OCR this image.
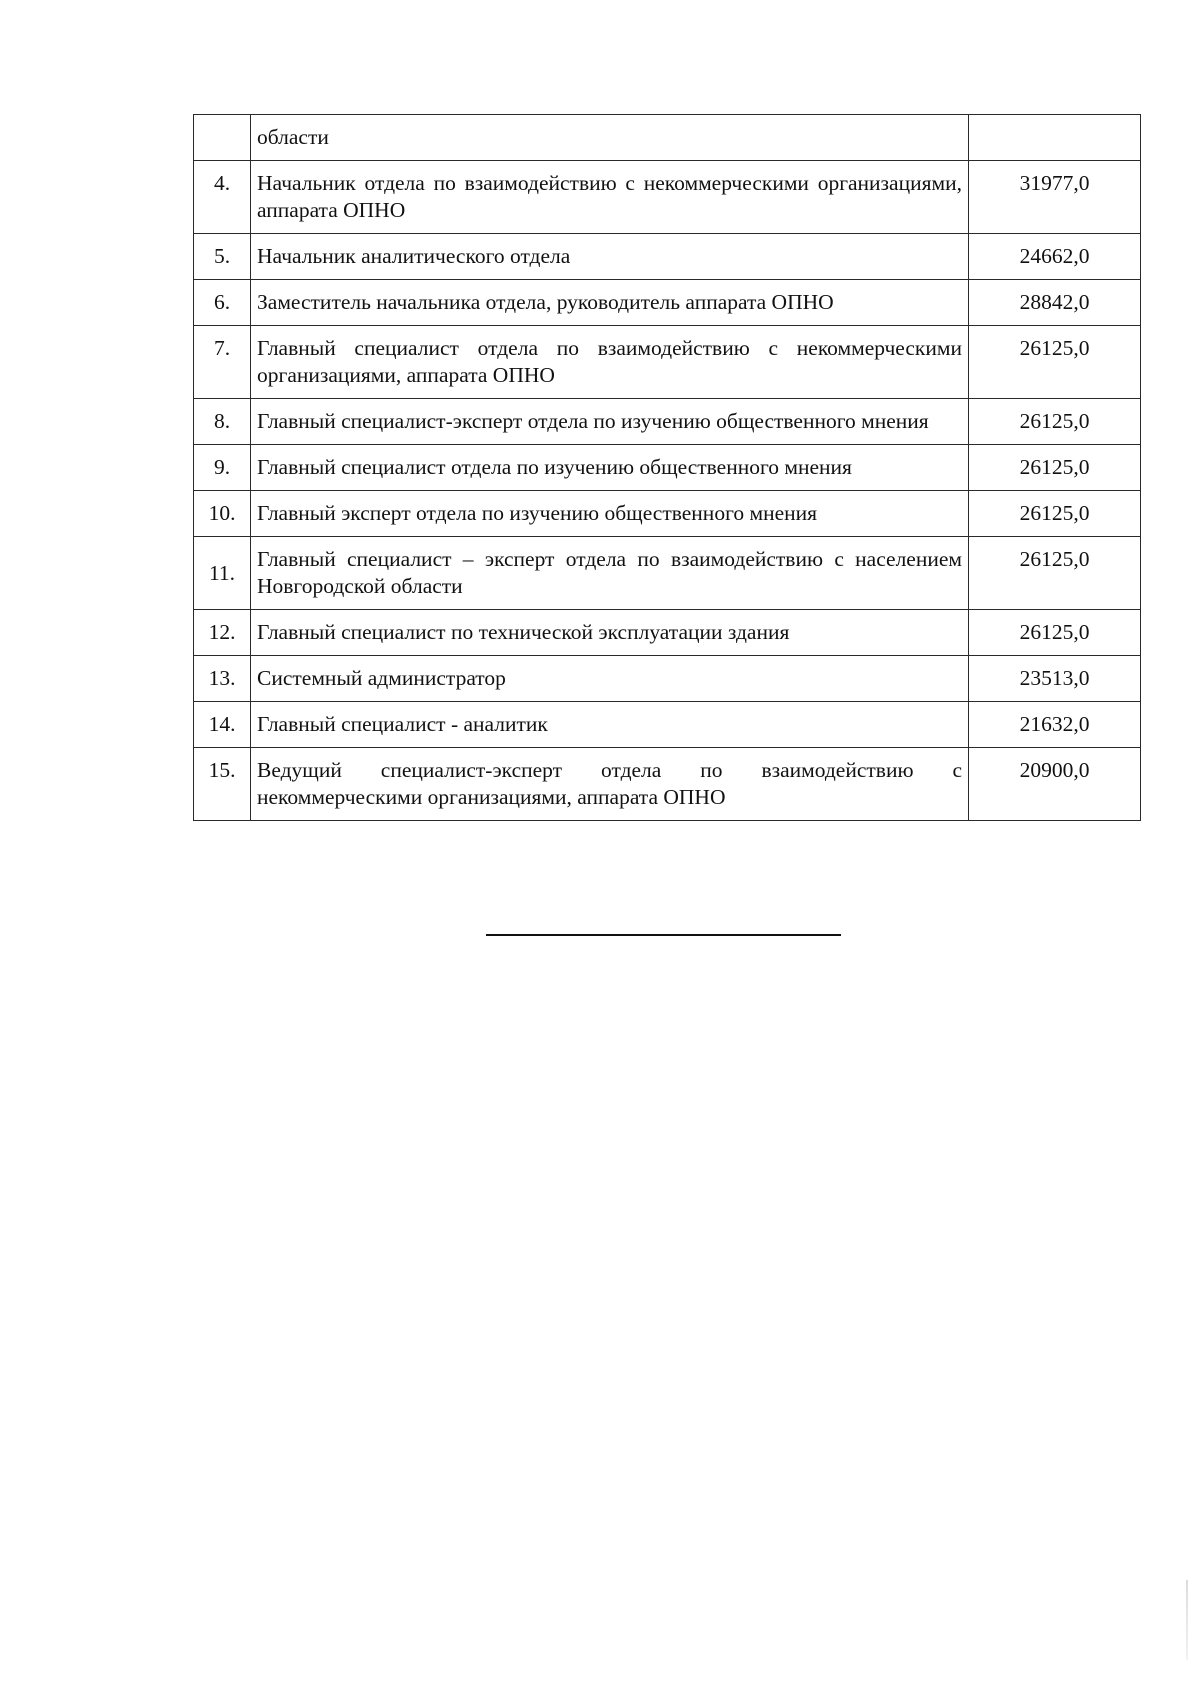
	области	
4.	Начальник отдела по взаимодействию с некоммерческими организациями, аппарата ОПНО	31977,0
5.	Начальник аналитического отдела	24662,0
6.	Заместитель начальника отдела, руководитель аппарата ОПНО	28842,0
7.	Главный специалист отдела по взаимодействию с некоммерческими организациями, аппарата ОПНО	26125,0
8.	Главный специалист-эксперт отдела по изучению общественного мнения	26125,0
9.	Главный специалист отдела по изучению общественного мнения	26125,0
10.	Главный эксперт отдела по изучению общественного мнения	26125,0
11.	Главный специалист – эксперт отдела по взаимодействию с населением Новгородской области	26125,0
12.	Главный специалист по технической эксплуатации здания	26125,0
13.	Системный администратор	23513,0
14.	Главный специалист - аналитик	21632,0
15.	Ведущий специалист-эксперт отдела по взаимодействию с некоммерческими организациями, аппарата ОПНО	20900,0
